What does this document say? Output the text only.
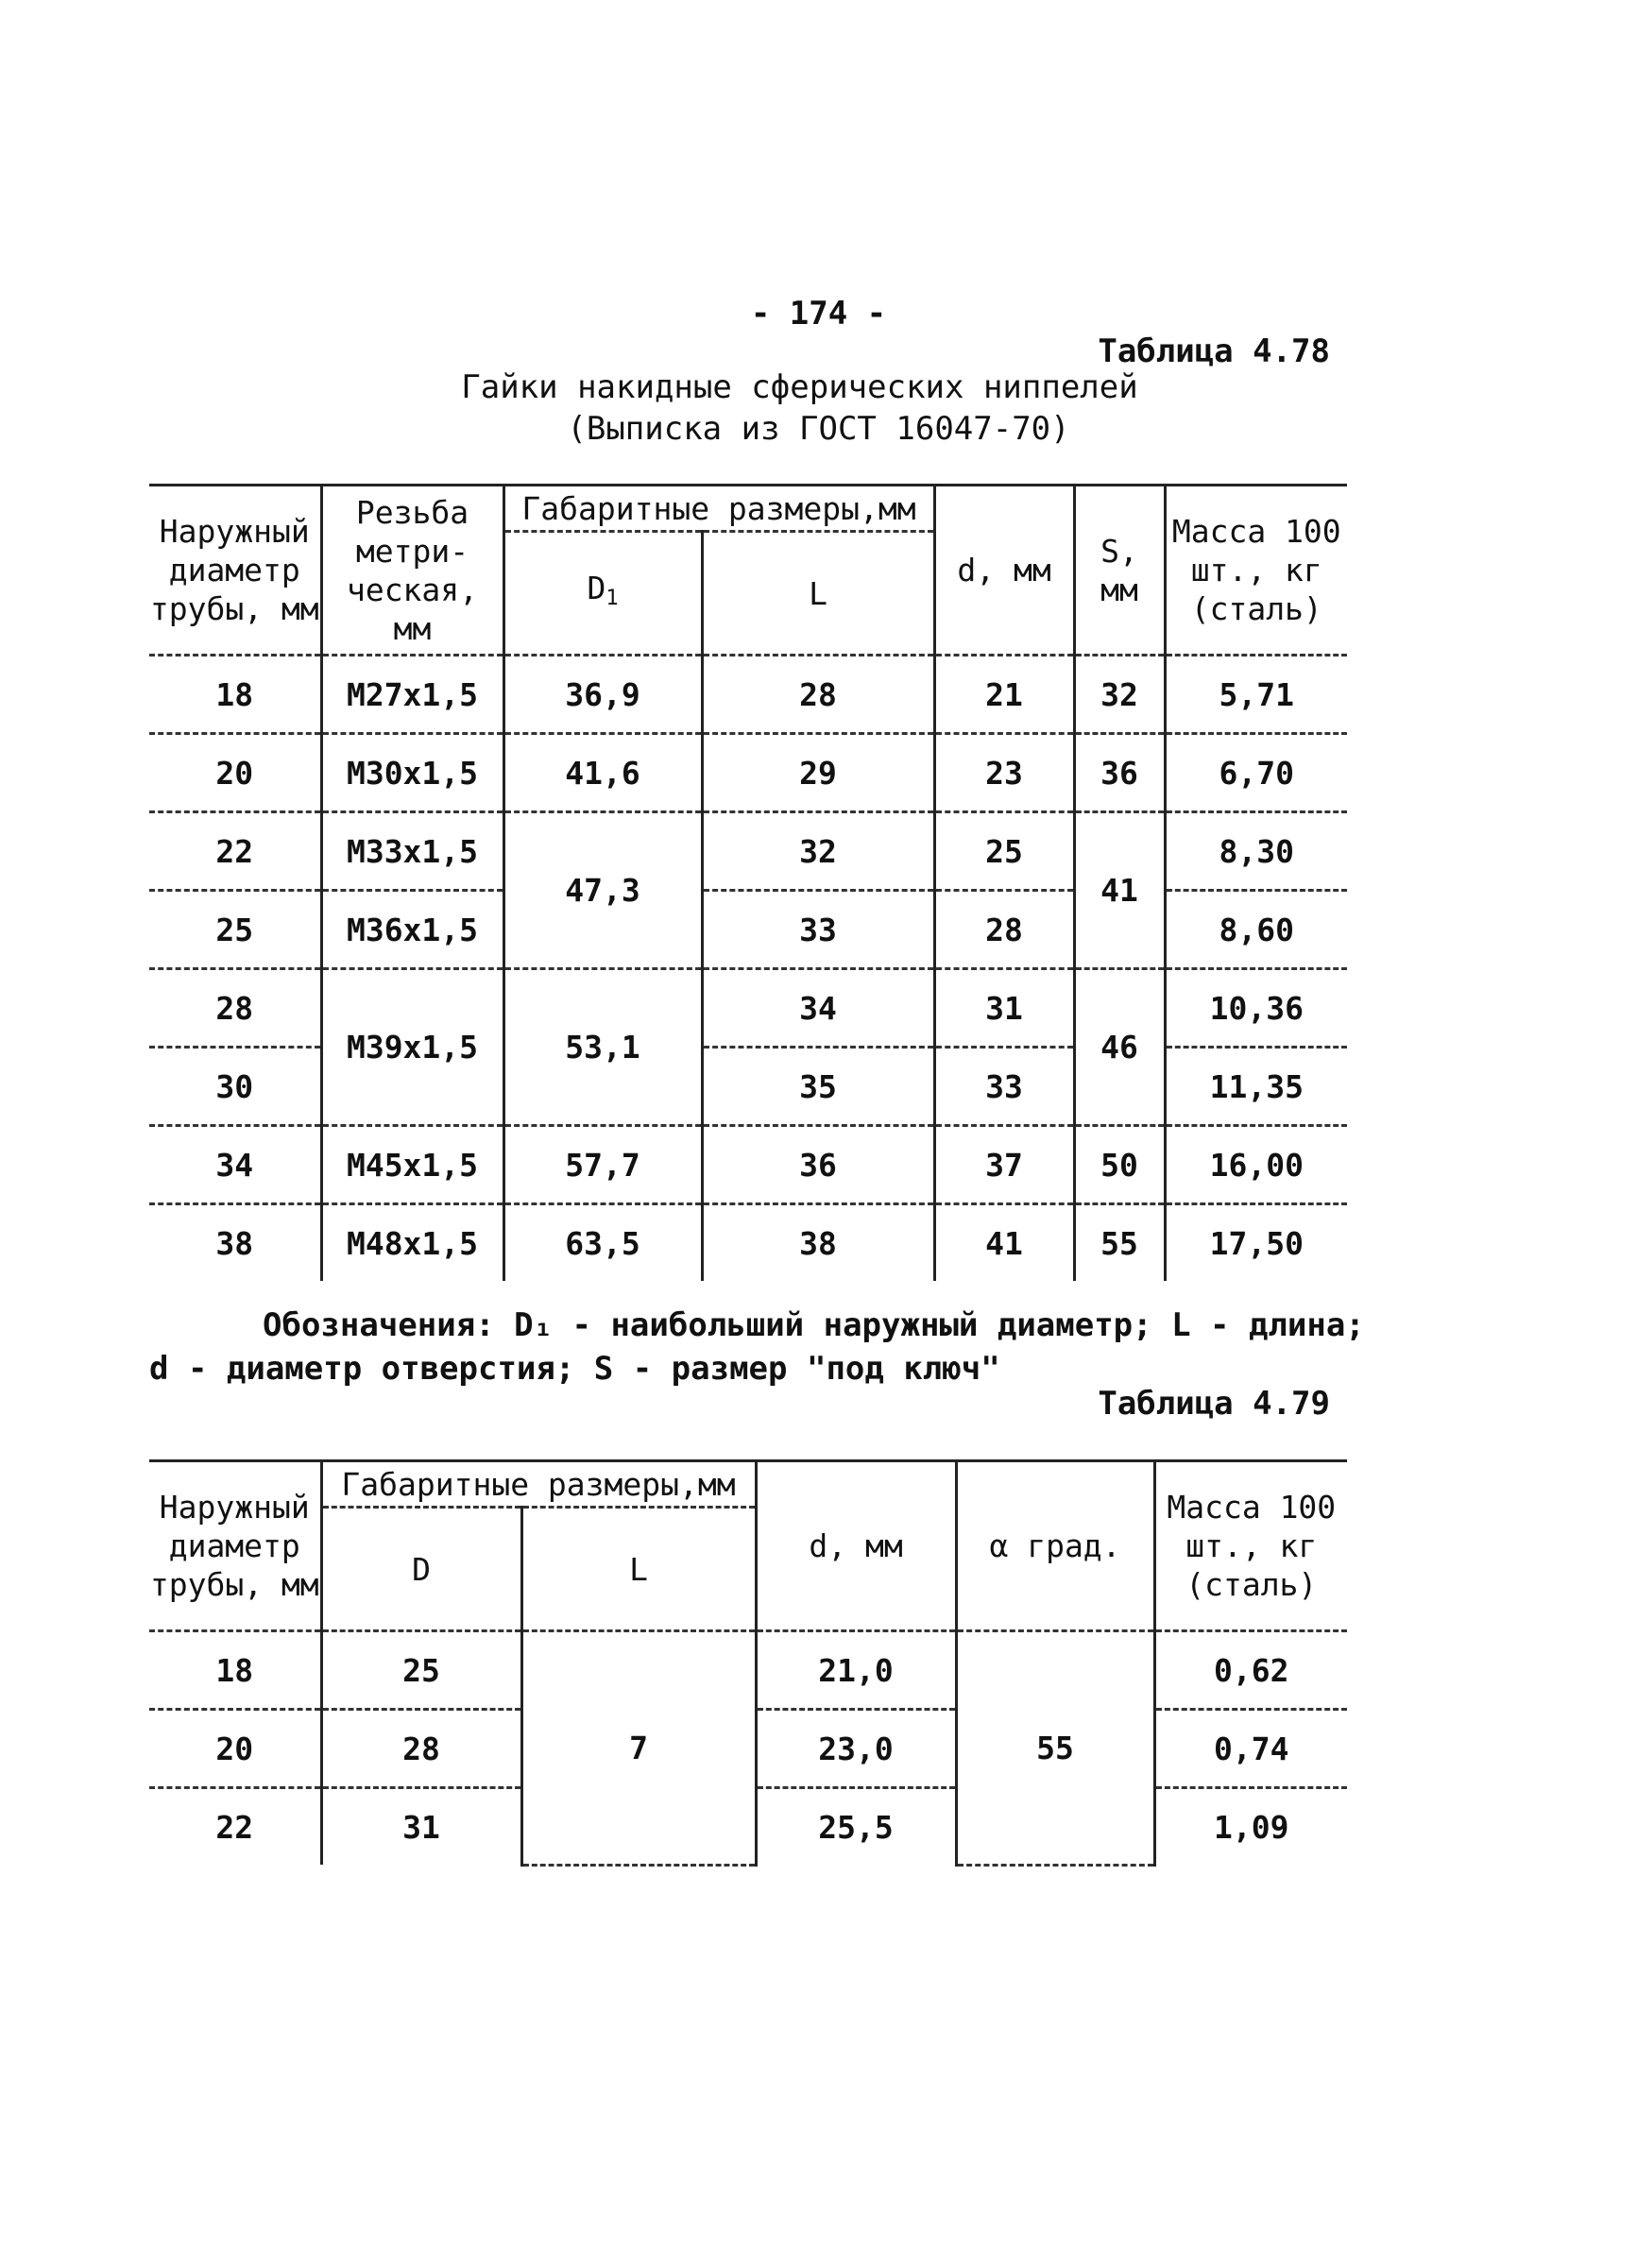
- 174 -
Таблица 4.78
Гайки накидные сферических ниппелей
(Выписка из ГОСТ 16047-70)
Наружный диаметр трубы, мм	Резьба метри- ческая, мм	Габаритные размеры,мм		d, мм	S, мм	Масса 100 шт., кг (сталь)
		$D_1$	L			
18	М27х1,5	36,9	28	21	32	5,71
20	М30х1,5	41,6	29	23	36	6,70
22	М33х1,5	47,3	32	25	41	8,30
25	М36х1,5		33	28		8,60
28	М39х1,5	53,1	34	31	46	10,36
30			35	33		11,35
34	М45х1,5	57,7	36	37	50	16,00
38	М48х1,5	63,5	38	41	55	17,50

Обозначения: D₁ - наибольший наружный диаметр; L - длина;

d - диаметр отверстия; S - размер "под ключ"

Таблица 4.79
Наружный диаметр трубы, мм	Габаритные размеры,мм		d, мм	α град.	Масса 100 шт., кг (сталь)
	D	L			
18	25	7	21,0	55	0,62
20	28		23,0		0,74
22	31		25,5		1,09
